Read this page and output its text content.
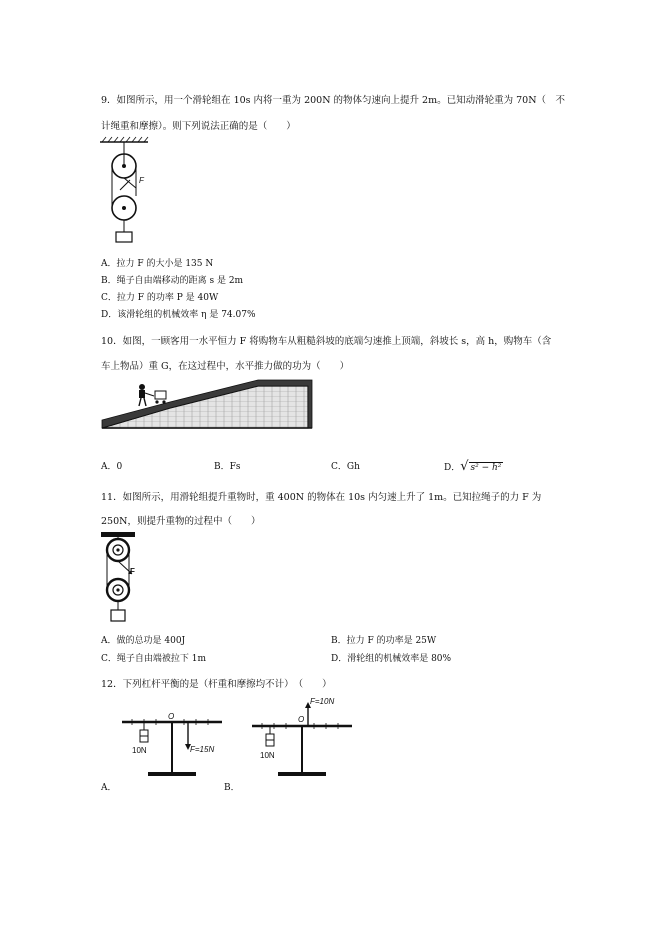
9．如图所示，用一个滑轮组在 10s 内将一重为 200N 的物体匀速向上提升 2m。已知动滑轮重为 70N（　不
计绳重和摩擦）。则下列说法正确的是（　　）
F
A．拉力 F 的大小是 135 N
B．绳子自由端移动的距离 s 是 2m
C．拉力 F 的功率 P 是 40W
D．该滑轮组的机械效率 η 是 74.07%
10．如图，一顾客用一水平恒力 F 将购物车从粗糙斜坡的底端匀速推上顶端，斜坡长 s，高 h，购物车（含
车上物品）重 G，在这过程中，水平推力做的功为（　　）
A．0	B．Fs	C．Gh	D．√ s² − h²
11．如图所示，用滑轮组提升重物时，重 400N 的物体在 10s 内匀速上升了 1m。已知拉绳子的力 F 为
250N，则提升重物的过程中（　　）
F
A．做的总功是 400J	B．拉力 F 的功率是 25W
C．绳子自由端被拉下 1m	D．滑轮组的机械效率是 80%
12．下列杠杆平衡的是（杆重和摩擦均不计）　（　　）
O
10N	F=15N
O
10N
F=10N
A．	B．
